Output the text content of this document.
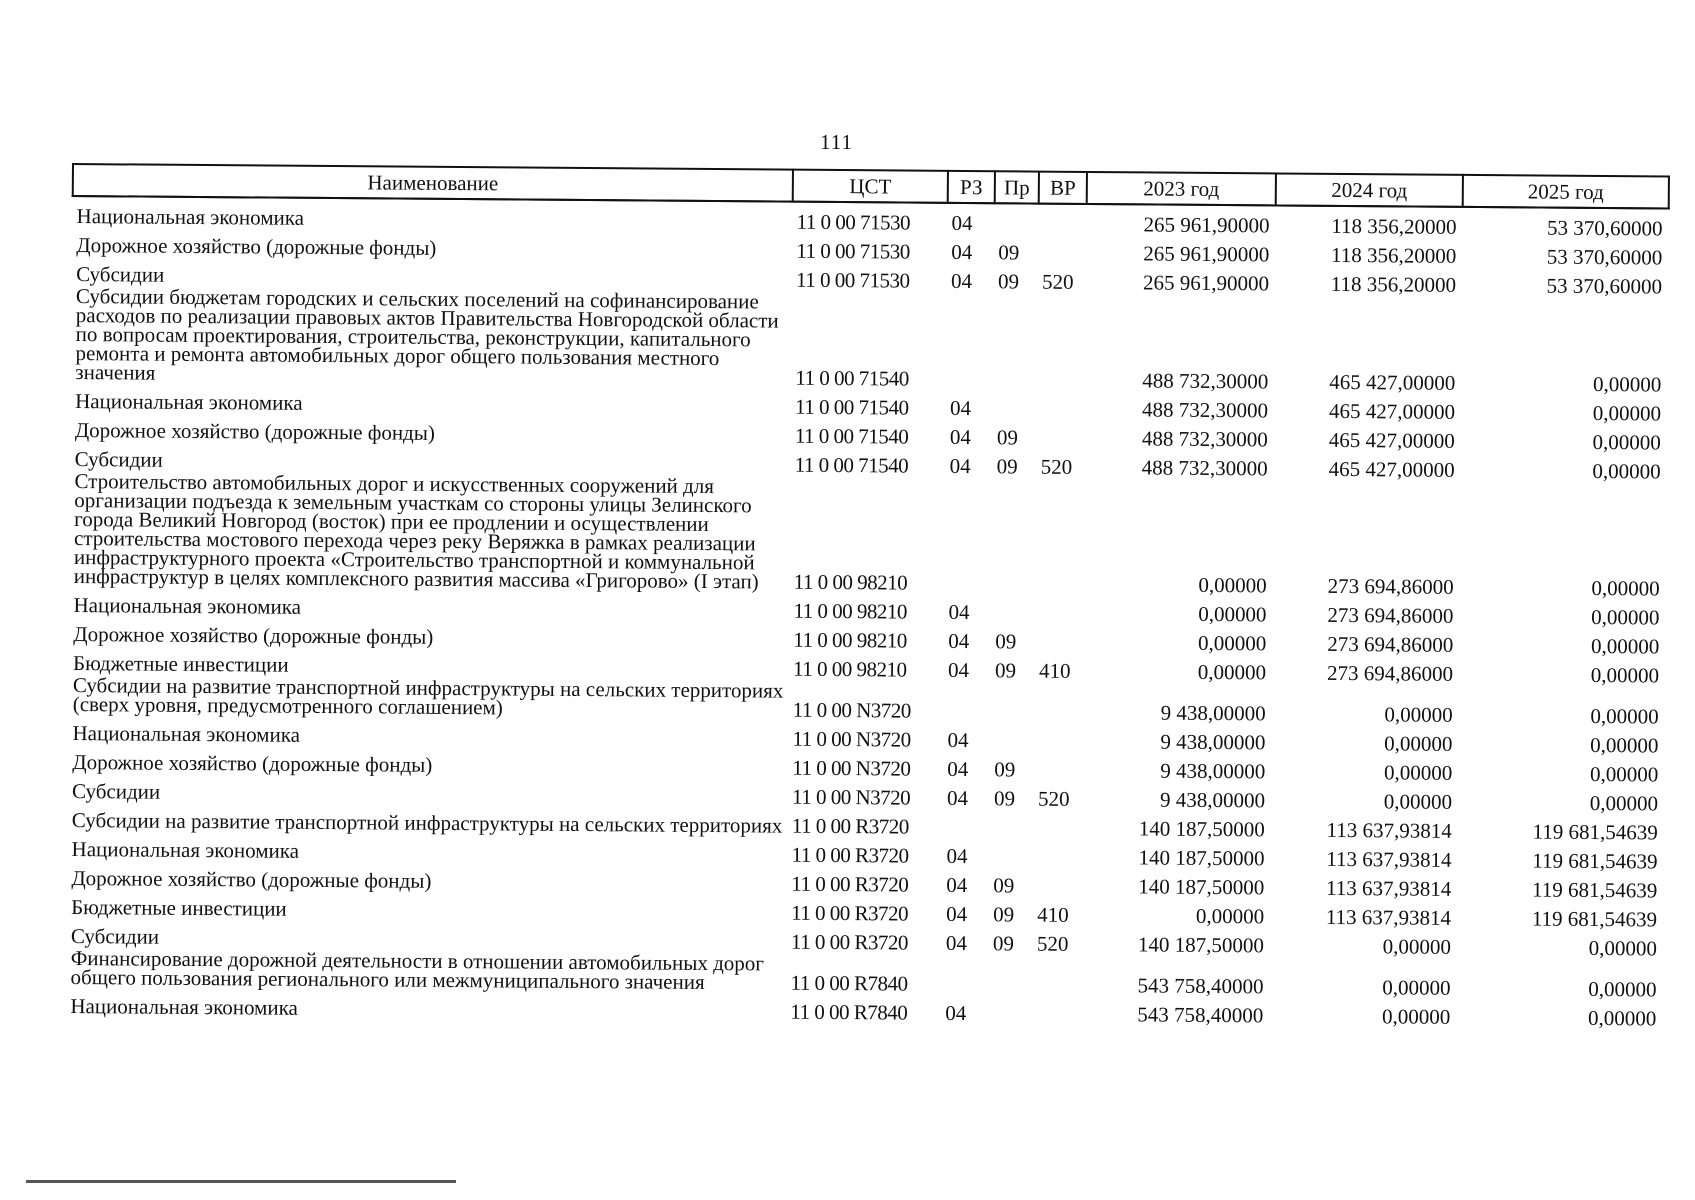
111
Наименование	ЦСТ	РЗ	Пр	ВР	2023 год	2024 год	2025 год
Национальная экономика	11 0 00 71530	04			265 961,90000	118 356,20000	53 370,60000
Дорожное хозяйство (дорожные фонды)	11 0 00 71530	04	09		265 961,90000	118 356,20000	53 370,60000
Субсидии	11 0 00 71530	04	09	520	265 961,90000	118 356,20000	53 370,60000
Субсидии бюджетам городских и сельских поселений на софинансирование расходов по реализации правовых актов Правительства Новгородской области по вопросам проектирования, строительства, реконструкции, капитального ремонта и ремонта автомобильных дорог общего пользования местного значения	11 0 00 71540				488 732,30000	465 427,00000	0,00000
Национальная экономика	11 0 00 71540	04			488 732,30000	465 427,00000	0,00000
Дорожное хозяйство (дорожные фонды)	11 0 00 71540	04	09		488 732,30000	465 427,00000	0,00000
Субсидии	11 0 00 71540	04	09	520	488 732,30000	465 427,00000	0,00000
Строительство автомобильных дорог и искусственных сооружений для организации подъезда к земельным участкам со стороны улицы Зелинского города Великий Новгород (восток) при ее продлении и осуществлении строительства мостового перехода через реку Веряжка в рамках реализации инфраструктурного проекта «Строительство транспортной и коммунальной инфраструктур в целях комплексного развития массива «Григорово» (I этап)	11 0 00 98210				0,00000	273 694,86000	0,00000
Национальная экономика	11 0 00 98210	04			0,00000	273 694,86000	0,00000
Дорожное хозяйство (дорожные фонды)	11 0 00 98210	04	09		0,00000	273 694,86000	0,00000
Бюджетные инвестиции	11 0 00 98210	04	09	410	0,00000	273 694,86000	0,00000
Субсидии на развитие транспортной инфраструктуры на сельских территориях (сверх уровня, предусмотренного соглашением)	11 0 00 N3720				9 438,00000	0,00000	0,00000
Национальная экономика	11 0 00 N3720	04			9 438,00000	0,00000	0,00000
Дорожное хозяйство (дорожные фонды)	11 0 00 N3720	04	09		9 438,00000	0,00000	0,00000
Субсидии	11 0 00 N3720	04	09	520	9 438,00000	0,00000	0,00000
Субсидии на развитие транспортной инфраструктуры на сельских территориях	11 0 00 R3720				140 187,50000	113 637,93814	119 681,54639
Национальная экономика	11 0 00 R3720	04			140 187,50000	113 637,93814	119 681,54639
Дорожное хозяйство (дорожные фонды)	11 0 00 R3720	04	09		140 187,50000	113 637,93814	119 681,54639
Бюджетные инвестиции	11 0 00 R3720	04	09	410	0,00000	113 637,93814	119 681,54639
Субсидии	11 0 00 R3720	04	09	520	140 187,50000	0,00000	0,00000
Финансирование дорожной деятельности в отношении автомобильных дорог общего пользования регионального или межмуниципального значения	11 0 00 R7840				543 758,40000	0,00000	0,00000
Национальная экономика	11 0 00 R7840	04			543 758,40000	0,00000	0,00000
